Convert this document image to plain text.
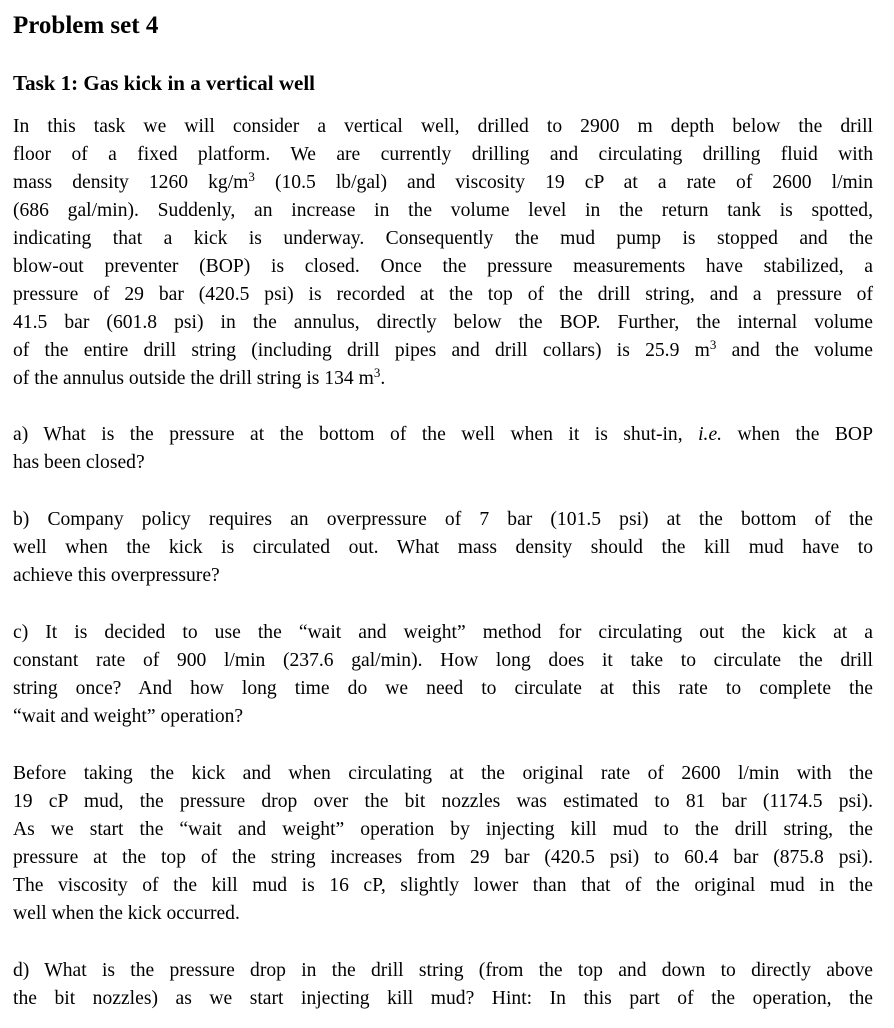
Problem set 4
Task 1: Gas kick in a vertical well
In this task we will consider a vertical well, drilled to 2900 m depth below the drill
floor of a fixed platform. We are currently drilling and circulating drilling fluid with
mass density 1260 $kg/m^3$ (10.5 lb/gal) and viscosity 19 cP at a rate of 2600 l/min
(686 gal/min). Suddenly, an increase in the volume level in the return tank is spotted,
indicating that a kick is underway. Consequently the mud pump is stopped and the
blow-out preventer (BOP) is closed. Once the pressure measurements have stabilized, a
pressure of 29 bar (420.5 psi) is recorded at the top of the drill string, and a pressure of
41.5 bar (601.8 psi) in the annulus, directly below the BOP. Further, the internal volume
of the entire drill string (including drill pipes and drill collars) is 25.9 $m^3$ and the volume
of the annulus outside the drill string is 134 $m^3$.
a) What is the pressure at the bottom of the well when it is shut-in, i.e. when the BOP
has been closed?
b) Company policy requires an overpressure of 7 bar (101.5 psi) at the bottom of the
well when the kick is circulated out. What mass density should the kill mud have to
achieve this overpressure?
c) It is decided to use the “wait and weight” method for circulating out the kick at a
constant rate of 900 l/min (237.6 gal/min). How long does it take to circulate the drill
string once? And how long time do we need to circulate at this rate to complete the
“wait and weight” operation?
Before taking the kick and when circulating at the original rate of 2600 l/min with the
19 cP mud, the pressure drop over the bit nozzles was estimated to 81 bar (1174.5 psi).
As we start the “wait and weight” operation by injecting kill mud to the drill string, the
pressure at the top of the string increases from 29 bar (420.5 psi) to 60.4 bar (875.8 psi).
The viscosity of the kill mud is 16 cP, slightly lower than that of the original mud in the
well when the kick occurred.
d) What is the pressure drop in the drill string (from the top and down to directly above
the bit nozzles) as we start injecting kill mud? Hint: In this part of the operation, the
